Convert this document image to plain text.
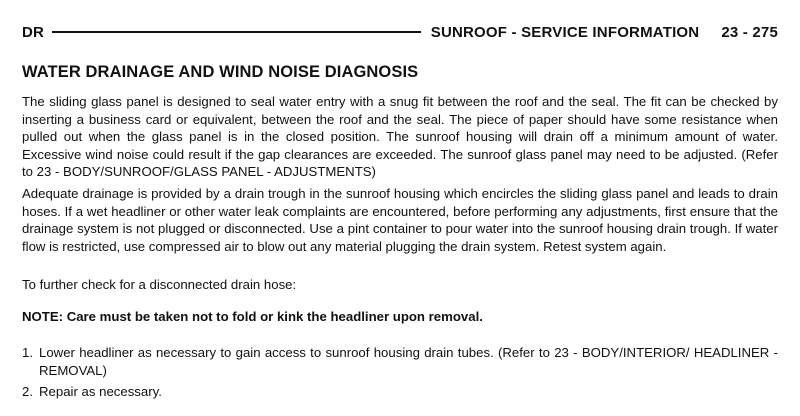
DR	SUNROOF - SERVICE INFORMATION 23 - 275
WATER DRAINAGE AND WIND NOISE DIAGNOSIS

The sliding glass panel is designed to seal water entry with a snug fit between the roof and the seal. The fit can be checked by inserting a business card or equivalent, between the roof and the seal. The piece of paper should have some resistance when pulled out when the glass panel is in the closed position. The sunroof housing will drain off a minimum amount of water. Excessive wind noise could result if the gap clearances are exceeded. The sunroof glass panel may need to be adjusted. (Refer to 23 - BODY/SUNROOF/GLASS PANEL - ADJUSTMENTS)

Adequate drainage is provided by a drain trough in the sunroof housing which encircles the sliding glass panel and leads to drain hoses. If a wet headliner or other water leak complaints are encountered, before performing any adjustments, first ensure that the drainage system is not plugged or disconnected. Use a pint container to pour water into the sunroof housing drain trough. If water flow is restricted, use compressed air to blow out any material plugging the drain system. Retest system again.

To further check for a disconnected drain hose:

NOTE: Care must be taken not to fold or kink the headliner upon removal.

1. Lower headliner as necessary to gain access to sunroof housing drain tubes. (Refer to 23 - BODY/INTERIOR/ HEADLINER - REMOVAL)
2. Repair as necessary.
